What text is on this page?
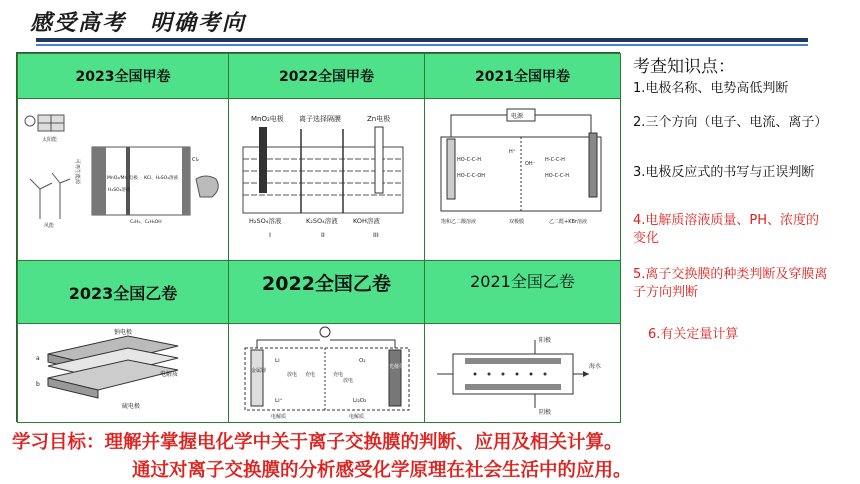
感受高考　明确考向
2023全国甲卷	2022全国甲卷	2021全国甲卷
太阳能
风能
可再生能源	MnO₂/Mn 电极
H₂SO₄溶液
KCl、H₂SO₄溶液
C₂H₅、C₂H₅OH
Cl₂
MnO₂电极 离子选择隔膜	Zn电极
H₂SO₄溶液	K₂SO₄溶液 KOH溶液
I	II	III
电源
HO-C-C-H
HO-C-C-OH
H-C-C-H
HO-C-C-H
H⁺
OH⁻
饱和乙二酸溶液	双极膜	乙二醛+KBr溶液
2023全国乙卷	2022全国乙卷	2021全国乙卷
钠电极
电解质
硫电极
a
b
金属锂
光催化电极
Li
Li⁺
放电 充电
O₂
Li₂O₂
充电
放电
电解质	电解质
阳极
阴极
海水
考查知识点：
1.电极名称、电势高低判断
2.三个方向（电子、电流、离子）
3.电极反应式的书写与正误判断
4.电解质溶液质量、PH、浓度的变化
5.离子交换膜的种类判断及穿膜离子方向判断
6.有关定量计算
学习目标：理解并掌握电化学中关于离子交换膜的判断、应用及相关计算。
通过对离子交换膜的分析感受化学原理在社会生活中的应用。
